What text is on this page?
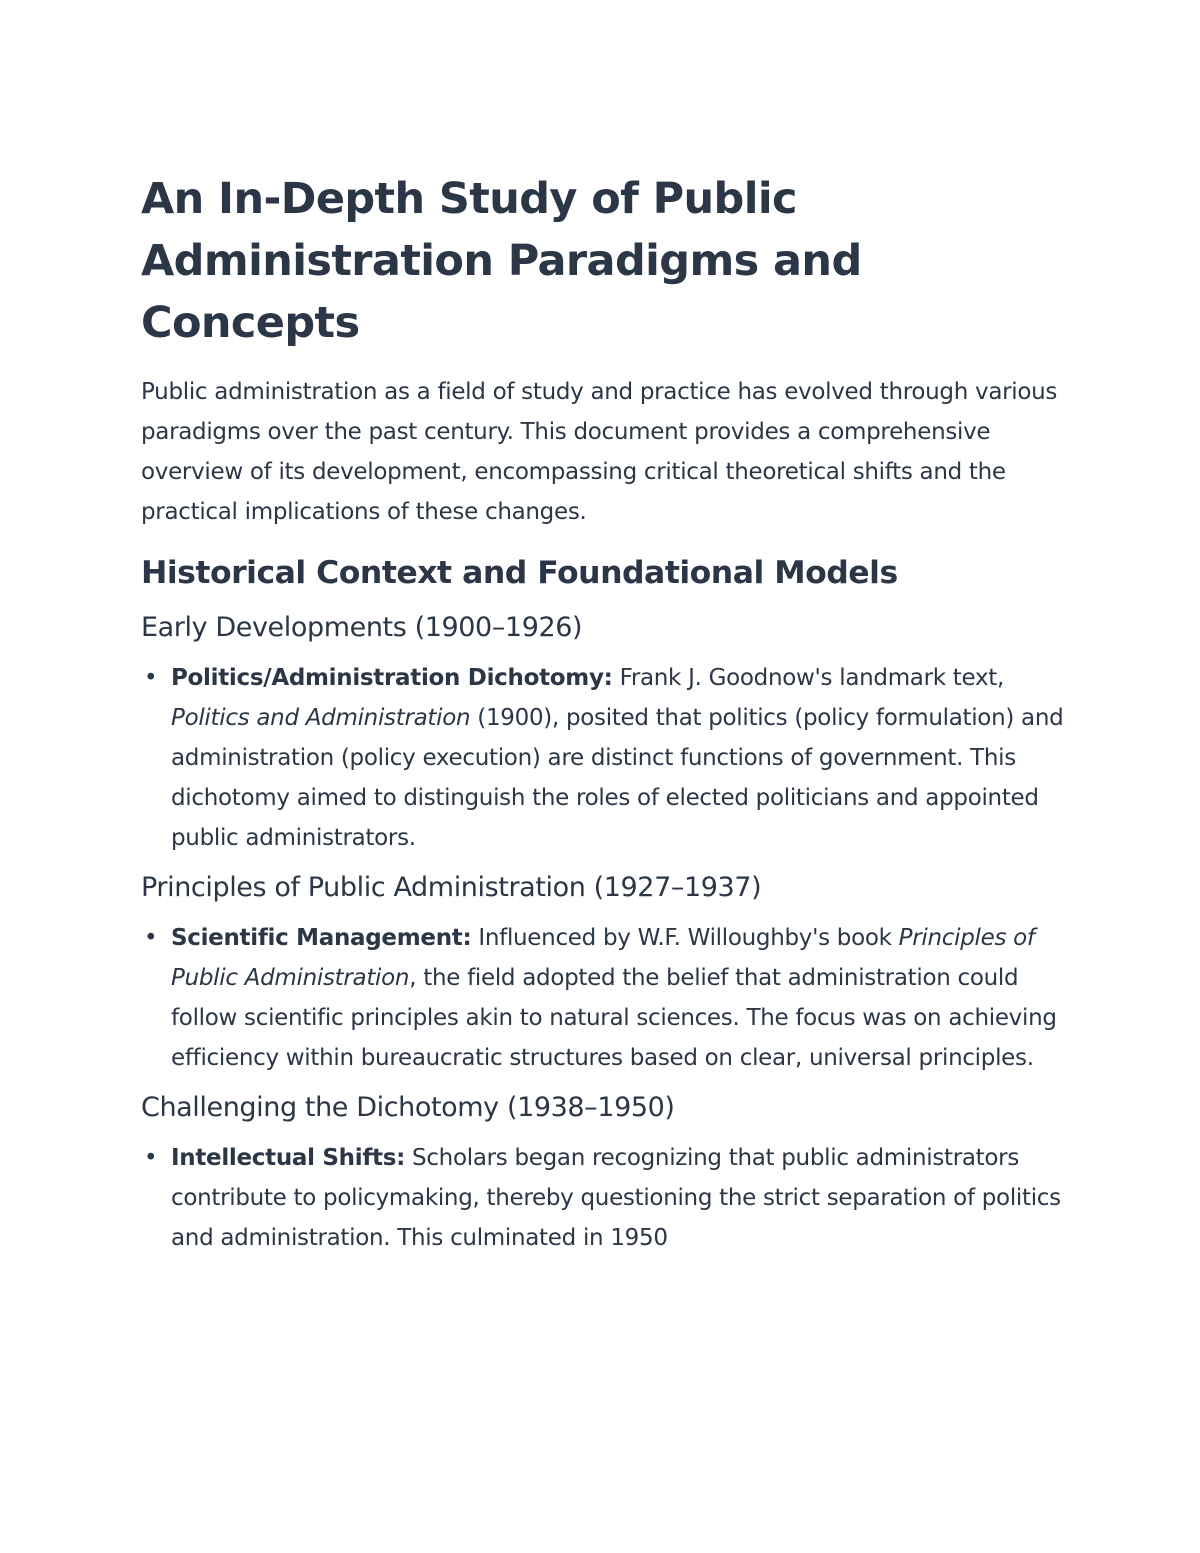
An In-Depth Study of Public Administration Paradigms and Concepts

Public administration as a field of study and practice has evolved through various paradigms over the past century. This document provides a comprehensive overview of its development, encompassing critical theoretical shifts and the practical implications of these changes.

Historical Context and Foundational Models
Early Developments (1900–1926)
• Politics/Administration Dichotomy: Frank J. Goodnow's landmark text, Politics and Administration (1900), posited that politics (policy formulation) and administration (policy execution) are distinct functions of government. This dichotomy aimed to distinguish the roles of elected politicians and appointed public administrators.
Principles of Public Administration (1927–1937)
• Scientific Management: Influenced by W.F. Willoughby's book Principles of Public Administration, the field adopted the belief that administration could follow scientific principles akin to natural sciences. The focus was on achieving efficiency within bureaucratic structures based on clear, universal principles.
Challenging the Dichotomy (1938–1950)
• Intellectual Shifts: Scholars began recognizing that public administrators contribute to policymaking, thereby questioning the strict separation of politics and administration. This culminated in 1950
